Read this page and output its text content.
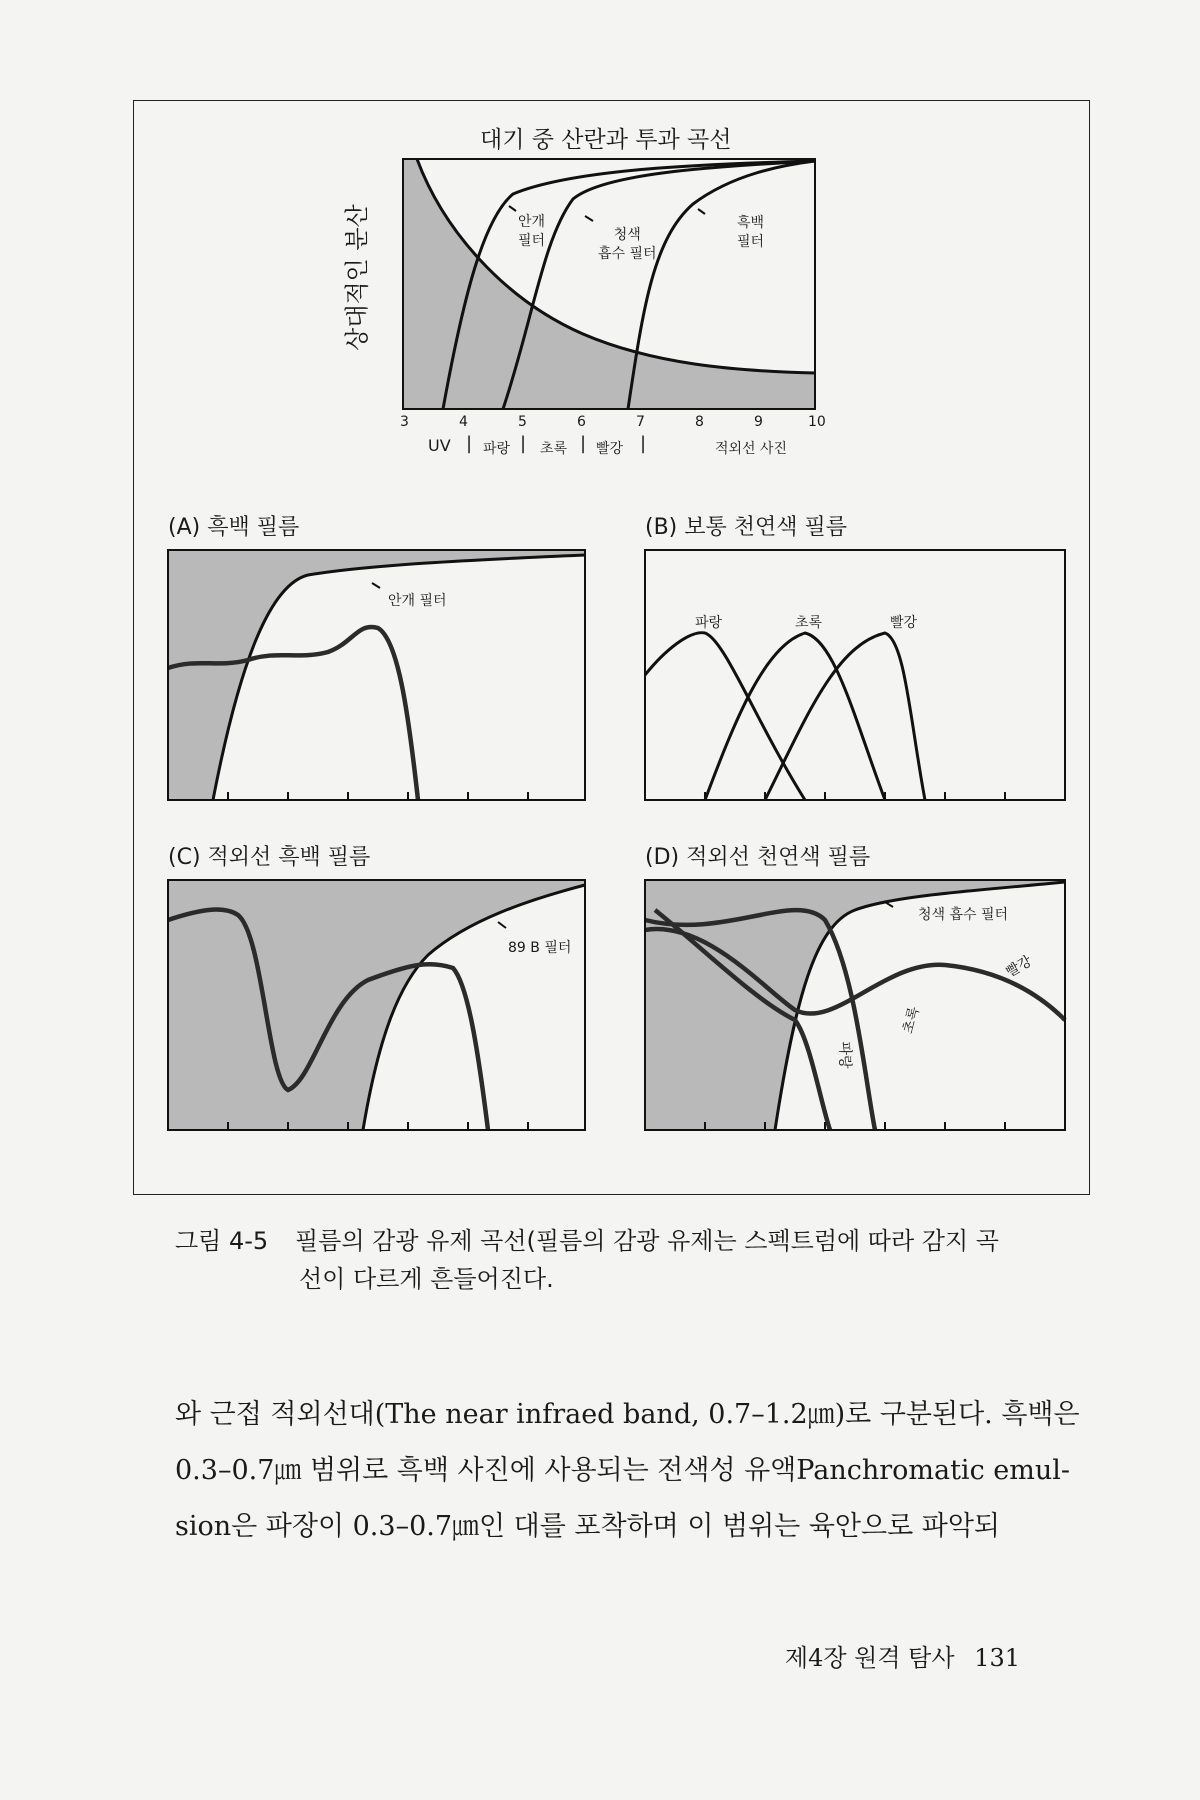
대기 중 산란과 투과 곡선
상대적인 분산	안개
필터	청색
흡수 필터
흑백
필터
3	4	5	6	7	8	9	10
UV 파랑 초록 빨강	적외선 사진
|	|	|	|
(A) 흑백 필름
안개 필터
(B) 보통 천연색 필름
파랑	초록	빨강
(C) 적외선 흑백 필름
89 B 필터
(D) 적외선 천연색 필름
청색 흡수 필터
빨강
초록
파랑
그림 4-5 필름의 감광 유제 곡선(필름의 감광 유제는 스펙트럼에 따라 감지 곡
선이 다르게 흔들어진다.
와 근접 적외선대(The near infraed band, 0.7–1.2㎛)로 구분된다. 흑백은
0.3–0.7㎛ 범위로 흑백 사진에 사용되는 전색성 유액Panchromatic emul-
sion은 파장이 0.3–0.7㎛인 대를 포착하며 이 범위는 육안으로 파악되
제4장 원격 탐사 131
